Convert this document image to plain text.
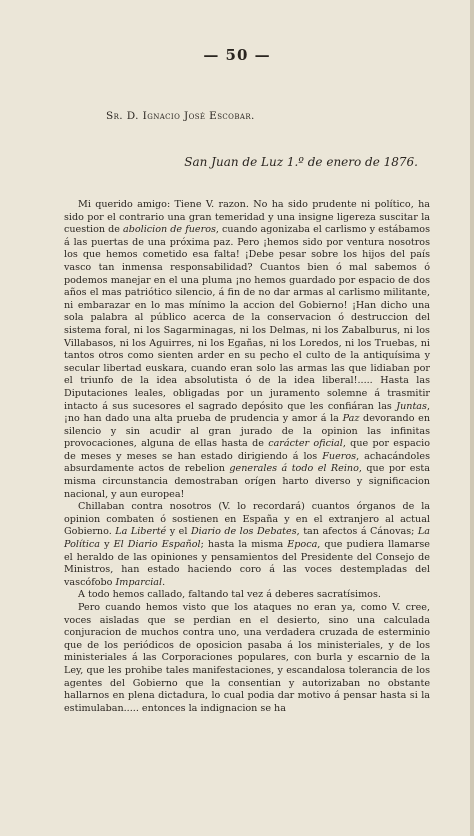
— 50 —
Sr. D. Ignacio José Escobar.
San Juan de Luz 1.º de enero de 1876.

Mi querido amigo: Tiene V. razon. No ha sido prudente ni político, ha sido por el contrario una gran temeridad y una insigne ligereza suscitar la cuestion de abolicion de fueros, cuando agonizaba el carlismo y estábamos á las puertas de una próxima paz. Pero ¡hemos sido por ventura nosotros los que hemos cometido esa falta! ¡Debe pesar sobre los hijos del país vasco tan inmensa responsabilidad? Cuantos bien ó mal sabemos ó podemos manejar en el una pluma ¡no hemos guardado por espacio de dos años el mas patriótico silencio, á fin de no dar armas al carlismo militante, ni embarazar en lo mas mínimo la accion del Gobierno! ¡Han dicho una sola palabra al público acerca de la conservacion ó destruccion del sistema foral, ni los Sagarminagas, ni los Delmas, ni los Zabalburus, ni los Villabasos, ni los Aguirres, ni los Egañas, ni los Loredos, ni los Truebas, ni tantos otros como sienten arder en su pecho el culto de la antiquísima y secular libertad euskara, cuando eran solo las armas las que lidiaban por el triunfo de la idea absolutista ó de la idea liberal!..... Hasta las Diputaciones leales, obligadas por un juramento solemne á trasmitir intacto á sus sucesores el sagrado depósito que les confiáran las Juntas, ¡no han dado una alta prueba de prudencia y amor á la Paz devorando en silencio y sin acudir al gran jurado de la opinion las infinitas provocaciones, alguna de ellas hasta de carácter oficial, que por espacio de meses y meses se han estado dirigiendo á los Fueros, achacándoles absurdamente actos de rebelion generales á todo el Reino, que por esta misma circunstancia demostraban orígen harto diverso y significacion nacional, y aun europea!

Chillaban contra nosotros (V. lo recordará) cuantos órganos de la opinion combaten ó sostienen en España y en el extranjero al actual Gobierno. La Liberté y el Diario de los Debates, tan afectos á Cánovas; La Política y El Diario Español; hasta la misma Epoca, que pudiera llamarse el heraldo de las opiniones y pensamientos del Presidente del Consejo de Ministros, han estado haciendo coro á las voces destempladas del vascófobo Imparcial.

A todo hemos callado, faltando tal vez á deberes sacratísimos.

Pero cuando hemos visto que los ataques no eran ya, como V. cree, voces aisladas que se perdian en el desierto, sino una calculada conjuracion de muchos contra uno, una verdadera cruzada de esterminio que de los periódicos de oposicion pasaba á los ministeriales, y de los ministeriales á las Corporaciones populares, con burla y escarnio de la Ley, que les prohibe tales manifestaciones, y escandalosa tolerancia de los agentes del Gobierno que la consentian y autorizaban no obstante hallarnos en plena dictadura, lo cual podia dar motivo á pensar hasta si la estimulaban..... entonces la indignacion se ha
